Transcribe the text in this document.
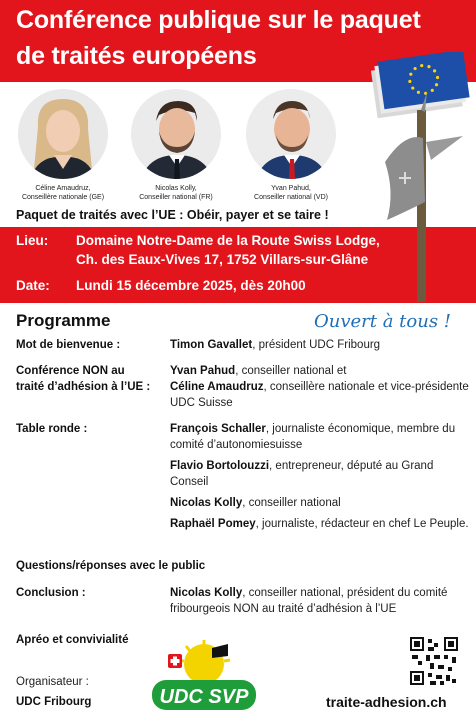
Conférence publique sur le paquet
de traités européens
Céline Amaudruz,
Conseillère nationale (GE)
Nicolas Kolly,
Conseiller national (FR)
Yvan Pahud,
Conseiller national (VD)
Paquet de traités avec l’UE : Obéir, payer et se taire !
Lieu: Domaine Notre-Dame de la Route Swiss Lodge,
Ch. des Eaux-Vives 17, 1752 Villars-sur-Glâne
Date: Lundi 15 décembre 2025, dès 20h00
Programme	Ouvert à tous !
Mot de bienvenue :	Timon Gavallet, président UDC Fribourg
Conférence NON au
traité d’adhésion à l’UE :
Yvan Pahud, conseiller national et
Céline Amaudruz, conseillère nationale et vice-présidente UDC Suisse
Table ronde :	François Schaller, journaliste économique, membre du comité d’autonomiesuisse
Flavio Bortolouzzi, entrepreneur, député au Grand Conseil
Nicolas Kolly, conseiller national
Raphaël Pomey, journaliste, rédacteur en chef Le Peuple.
Questions/réponses avec le public
Conclusion :	Nicolas Kolly, conseiller national, président du comité fribourgeois NON au traité d’adhésion à l’UE
Apréo et convivialité
Organisateur :
UDC Fribourg	UDC SVP	traite-adhesion.ch
